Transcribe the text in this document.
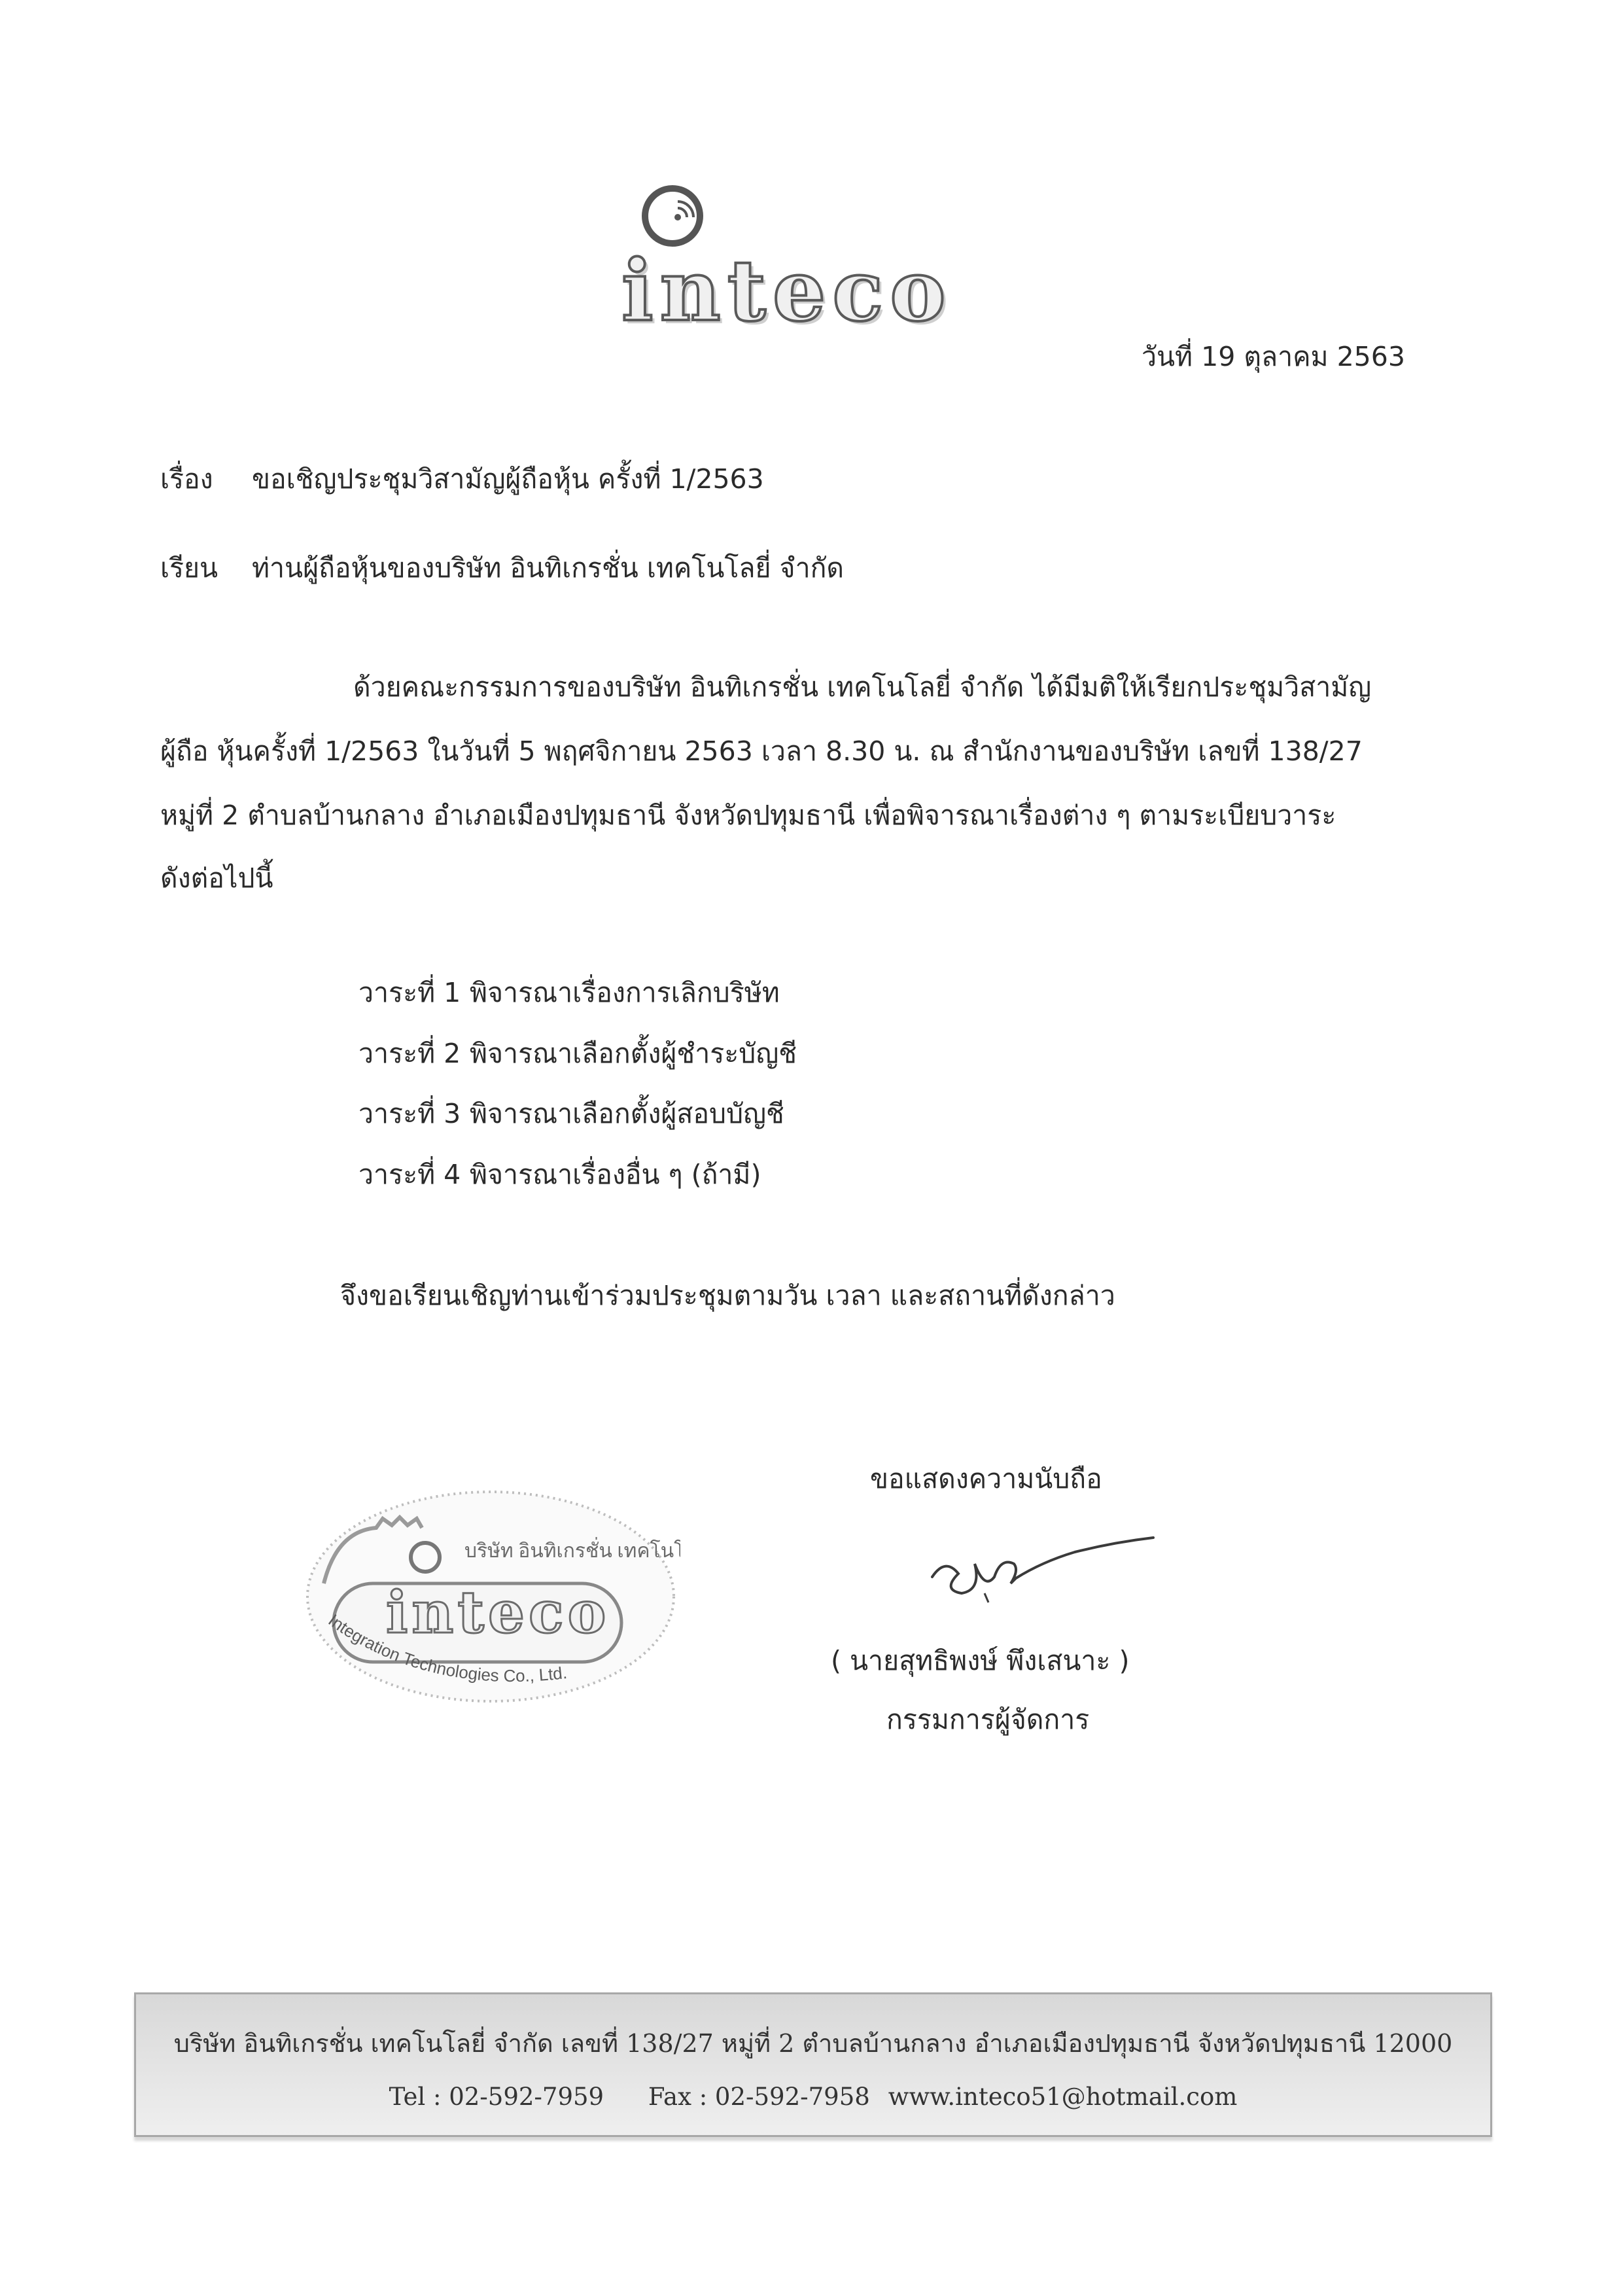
inteco
วันที่ 19 ตุลาคม 2563
เรื่อง ขอเชิญประชุมวิสามัญผู้ถือหุ้น ครั้งที่ 1/2563
เรียน ท่านผู้ถือหุ้นของบริษัท อินทิเกรชั่น เทคโนโลยี่ จำกัด
ด้วยคณะกรรมการของบริษัท อินทิเกรชั่น เทคโนโลยี่ จำกัด ได้มีมติให้เรียกประชุมวิสามัญ
ผู้ถือ หุ้นครั้งที่ 1/2563 ในวันที่ 5 พฤศจิกายน 2563 เวลา 8.30 น. ณ สำนักงานของบริษัท เลขที่ 138/27
หมู่ที่ 2 ตำบลบ้านกลาง อำเภอเมืองปทุมธานี จังหวัดปทุมธานี เพื่อพิจารณาเรื่องต่าง ๆ ตามระเบียบวาระ
ดังต่อไปนี้
วาระที่ 1 พิจารณาเรื่องการเลิกบริษัท
วาระที่ 2 พิจารณาเลือกตั้งผู้ชำระบัญชี
วาระที่ 3 พิจารณาเลือกตั้งผู้สอบบัญชี
วาระที่ 4 พิจารณาเรื่องอื่น ๆ (ถ้ามี)
จึงขอเรียนเชิญท่านเข้าร่วมประชุมตามวัน เวลา และสถานที่ดังกล่าว
ขอแสดงความนับถือ
( นายสุทธิพงษ์ พึงเสนาะ )
กรรมการผู้จัดการ
บริษัท อินทิเกรชั่น เทคโนโ
inteco
Integration Technologies Co., Ltd.
บริษัท อินทิเกรชั่น เทคโนโลยี่ จำกัด เลขที่ 138/27 หมู่ที่ 2 ตำบลบ้านกลาง อำเภอเมืองปทุมธานี จังหวัดปทุมธานี 12000
Tel : 02-592-7959 Fax : 02-592-7958 www.inteco51@hotmail.com
